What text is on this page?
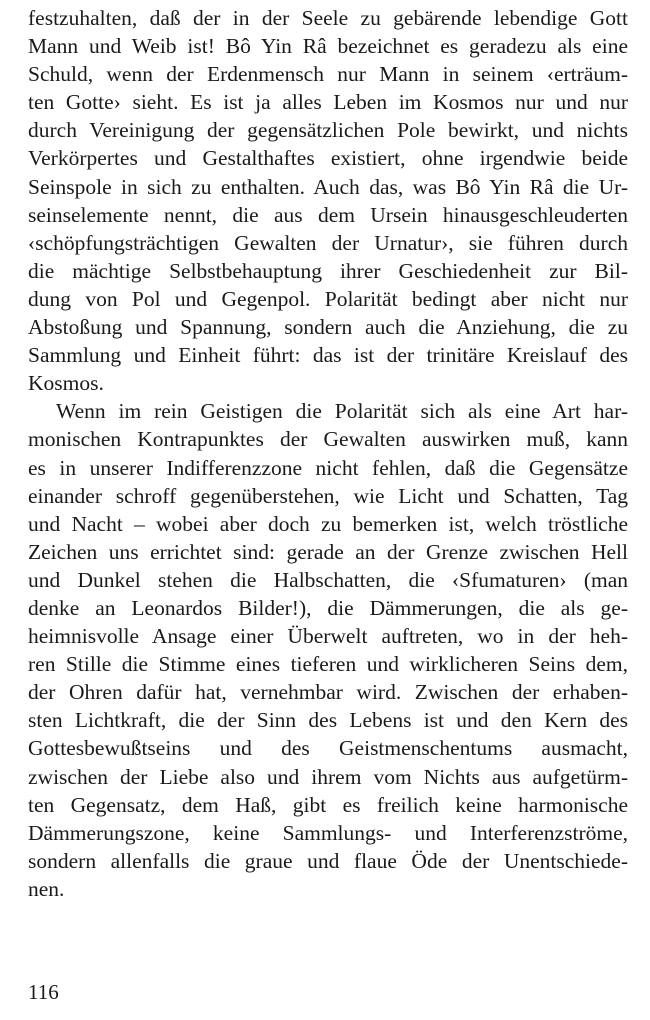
festzuhalten, daß der in der Seele zu gebärende lebendige Gott
Mann und Weib ist! Bô Yin Râ bezeichnet es geradezu als eine
Schuld, wenn der Erdenmensch nur Mann in seinem ‹erträum-
ten Gotte› sieht. Es ist ja alles Leben im Kosmos nur und nur
durch Vereinigung der gegensätzlichen Pole bewirkt, und nichts
Verkörpertes und Gestalthaftes existiert, ohne irgendwie beide
Seinspole in sich zu enthalten. Auch das, was Bô Yin Râ die Ur-
seinselemente nennt, die aus dem Ursein hinausgeschleuderten
‹schöpfungsträchtigen Gewalten der Urnatur›, sie führen durch
die mächtige Selbstbehauptung ihrer Geschiedenheit zur Bil-
dung von Pol und Gegenpol. Polarität bedingt aber nicht nur
Abstoßung und Spannung, sondern auch die Anziehung, die zu
Sammlung und Einheit führt: das ist der trinitäre Kreislauf des
Kosmos.
Wenn im rein Geistigen die Polarität sich als eine Art har-
monischen Kontrapunktes der Gewalten auswirken muß, kann
es in unserer Indifferenzzone nicht fehlen, daß die Gegensätze
einander schroff gegenüberstehen, wie Licht und Schatten, Tag
und Nacht – wobei aber doch zu bemerken ist, welch tröstliche
Zeichen uns errichtet sind: gerade an der Grenze zwischen Hell
und Dunkel stehen die Halbschatten, die ‹Sfumaturen› (man
denke an Leonardos Bilder!), die Dämmerungen, die als ge-
heimnisvolle Ansage einer Überwelt auftreten, wo in der heh-
ren Stille die Stimme eines tieferen und wirklicheren Seins dem,
der Ohren dafür hat, vernehmbar wird. Zwischen der erhaben-
sten Lichtkraft, die der Sinn des Lebens ist und den Kern des
Gottesbewußtseins und des Geistmenschentums ausmacht,
zwischen der Liebe also und ihrem vom Nichts aus aufgetürm-
ten Gegensatz, dem Haß, gibt es freilich keine harmonische
Dämmerungszone, keine Sammlungs- und Interferenzströme,
sondern allenfalls die graue und flaue Öde der Unentschiede-
nen.
116
